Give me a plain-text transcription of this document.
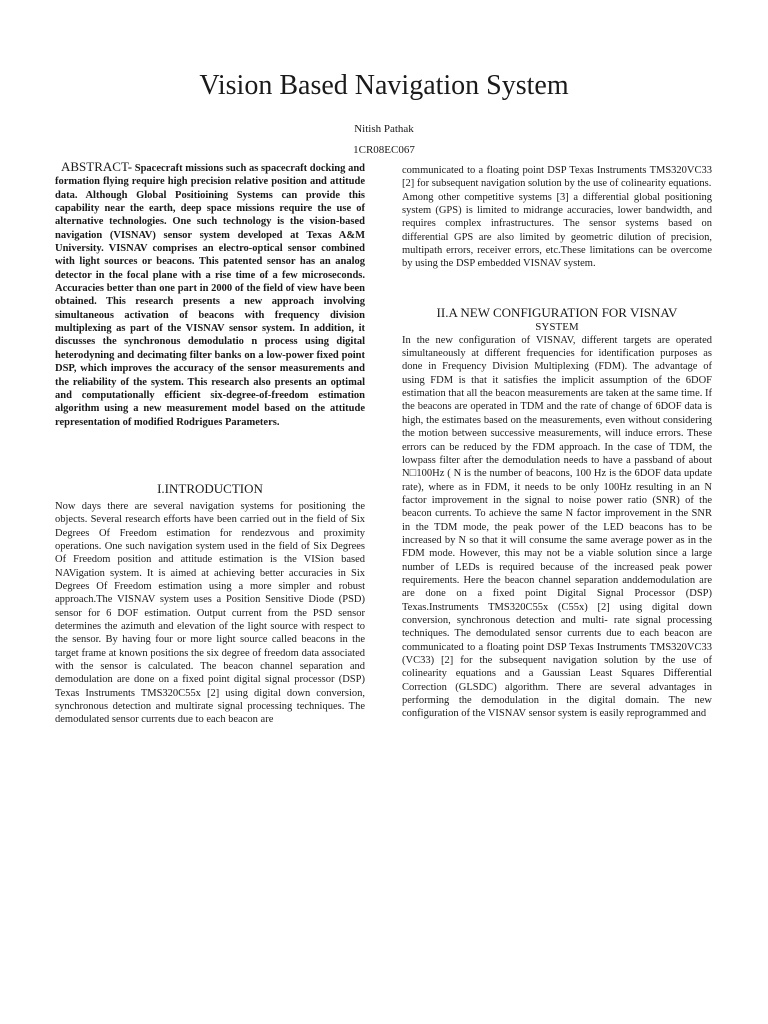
Vision Based Navigation System
Nitish Pathak
1CR08EC067

ABSTRACT- Spacecraft missions such as spacecraft docking and formation flying require high precision relative position and attitude data. Although Global Positioining Systems can provide this capability near the earth, deep space missions require the use of alternative technologies. One such technology is the vision-based navigation (VISNAV) sensor system developed at Texas A&M University. VISNAV comprises an electro-optical sensor combined with light sources or beacons. This patented sensor has an analog detector in the focal plane with a rise time of a few microseconds. Accuracies better than one part in 2000 of the field of view have been obtained. This research presents a new approach involving simultaneous activation of beacons with frequency division multiplexing as part of the VISNAV sensor system. In addition, it discusses the synchronous demodulatio n process using digital heterodyning and decimating filter banks on a low-power fixed point DSP, which improves the accuracy of the sensor measurements and the reliability of the system. This research also presents an optimal and computationally efficient six-degree-of-freedom estimation algorithm using a new measurement model based on the attitude representation of modified Rodrigues Parameters.

I.INTRODUCTION

Now days there are several navigation systems for positioning the objects. Several research efforts have been carried out in the field of Six Degrees Of Freedom estimation for rendezvous and proximity operations. One such navigation system used in the field of Six Degrees Of Freedom position and attitude estimation is the VISion based NAVigation system. It is aimed at achieving better accuracies in Six Degrees Of Freedom estimation using a more simpler and robust approach.The VISNAV system uses a Position Sensitive Diode (PSD) sensor for 6 DOF estimation. Output current from the PSD sensor determines the azimuth and elevation of the light source with respect to the sensor. By having four or more light source called beacons in the target frame at known positions the six degree of freedom data associated with the sensor is calculated. The beacon channel separation and demodulation are done on a fixed point digital signal processor (DSP) Texas Instruments TMS320C55x [2] using digital down conversion, synchronous detection and multirate signal processing techniques. The demodulated sensor currents due to each beacon are

communicated to a floating point DSP Texas Instruments TMS320VC33 [2] for subsequent navigation solution by the use of colinearity equations.

Among other competitive systems [3] a differential global positioning system (GPS) is limited to midrange accuracies, lower bandwidth, and requires complex infrastructures. The sensor systems based on differential GPS are also limited by geometric dilution of precision, multipath errors, receiver errors, etc.These limitations can be overcome by using the DSP embedded VISNAV system.

II.A NEW CONFIGURATION FOR VISNAV
SYSTEM

In the new configuration of VISNAV, different targets are operated simultaneously at different frequencies for identification purposes as done in Frequency Division Multiplexing (FDM). The advantage of using FDM is that it satisfies the implicit assumption of the 6DOF estimation that all the beacon measurements are taken at the same time. If the beacons are operated in TDM and the rate of change of 6DOF data is high, the estimates based on the measurements, even without considering the motion between successive measurements, will induce errors. These errors can be reduced by the FDM approach. In the case of TDM, the lowpass filter after the demodulation needs to have a passband of about N□100Hz ( N is the number of beacons, 100 Hz is the 6DOF data update rate), where as in FDM, it needs to be only 100Hz resulting in an N factor improvement in the signal to noise power ratio (SNR) of the beacon currents. To achieve the same N factor improvement in the SNR in the TDM mode, the peak power of the LED beacons has to be increased by N so that it will consume the same average power as in the FDM mode. However, this may not be a viable solution since a large number of LEDs is required because of the increased peak power requirements. Here the beacon channel separation anddemodulation are are done on a fixed point Digital Signal Processor (DSP) Texas.Instruments TMS320C55x (C55x) [2] using digital down conversion, synchronous detection and multi- rate signal processing techniques. The demodulated sensor currents due to each beacon are communicated to a floating point DSP Texas Instruments TMS320VC33 (VC33) [2] for the subsequent navigation solution by the use of colinearity equations and a Gaussian Least Squares Differential Correction (GLSDC) algorithm. There are several advantages in performing the demodulation in the digital domain. The new configuration of the VISNAV sensor system is easily reprogrammed and
